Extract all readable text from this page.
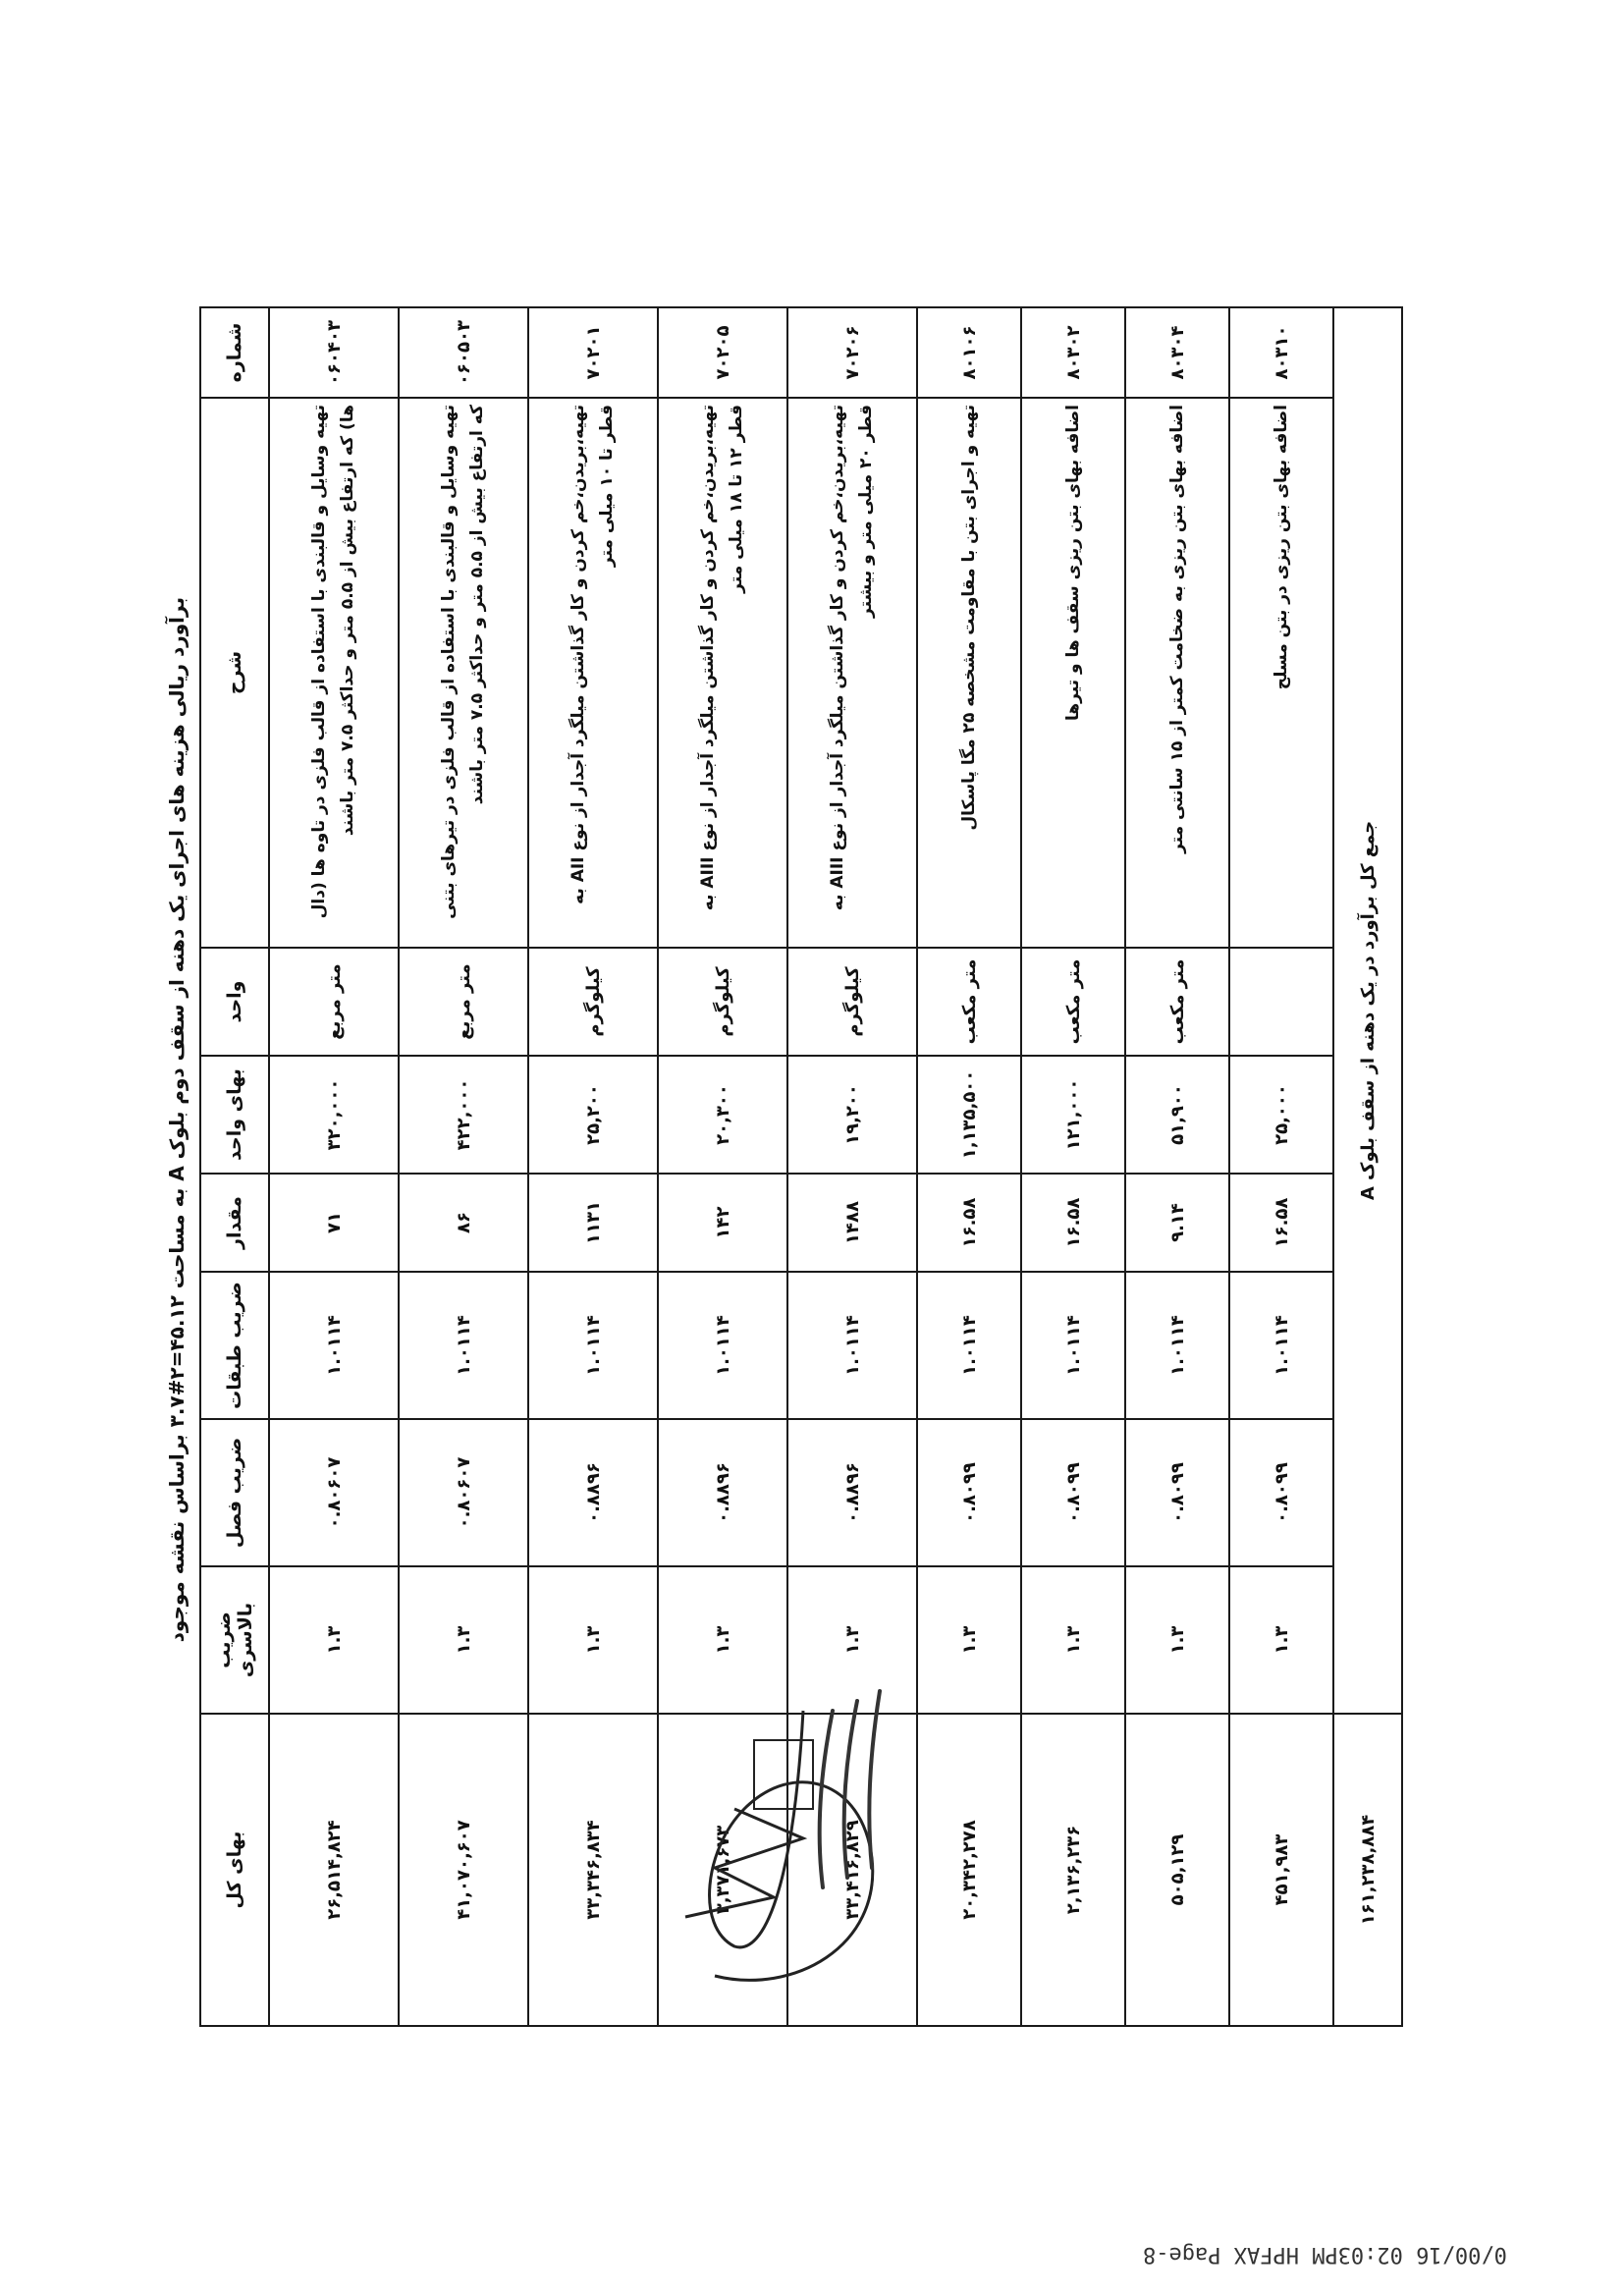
برآورد ریالی هزینه های اجرای یک دهنه از سقف دوم بلوک A به مساحت ۴۵.۱۲=۲#۳.۷ براساس نقشه موجود
شماره	شرح	واحد	بهای واحد	مقدار	ضریب طبقات	ضریب فصل	ضریب بالاسری	بهای کل
۰۶۰۴۰۳	تهیه وسایل و قالبندی با استفاده از قالب فلزی در تاوه ها (دال ها) که ارتفاع بیش از ۵.۵ متر و حداکثر ۷.۵ متر باشند	متر مربع	۳۲۰,۰۰۰	۷۱	۱.۰۱۱۴	۰.۸۰۶۰۷	۱.۳	۲۶,۵۱۴,۸۲۴
۰۶۰۵۰۳	تهیه وسایل و قالبندی با استفاده از قالب فلزی در تیرهای بتنی که ارتفاع بیش از ۵.۵ متر و حداکثر ۷.۵ متر باشند	متر مربع	۴۲۲,۰۰۰	۸۶	۱.۰۱۱۴	۰.۸۰۶۰۷	۱.۳	۴۱,۰۷۰,۶۰۷
۷۰۲۰۱	تهیه،بریدن،خم کردن و کار گذاشتن میلگرد آجدار از نوع AII به قطر تا ۱۰ میلی متر	کیلوگرم	۲۵,۲۰۰	۱۱۳۱	۱.۰۱۱۴	۰.۸۸۹۶	۱.۳	۳۳,۳۴۶,۸۳۴
۷۰۲۰۵	تهیه،بریدن،خم کردن و کار گذاشتن میلگرد آجدار از نوع AIII به قطر ۱۲ تا ۱۸ میلی متر	کیلوگرم	۲۰,۳۰۰	۱۴۲	۱.۰۱۱۴	۰.۸۸۹۶	۱.۳	۳,۳۷۱,۶۷۳
۷۰۲۰۶	تهیه،بریدن،خم کردن و کار گذاشتن میلگرد آجدار از نوع AIII به قطر ۲۰ میلی متر و بیشتر	کیلوگرم	۱۹,۲۰۰	۱۴۸۸	۱.۰۱۱۴	۰.۸۸۹۶	۱.۳	۳۳,۴۱۶,۸۲۹
۸۰۱۰۶	تهیه و اجرای بتن با مقاومت مشخصه ۲۵ مگا پاسکال	متر مکعب	۱,۱۳۵,۵۰۰	۱۶.۵۸	۱.۰۱۱۴	۰.۸۰۹۹	۱.۳	۲۰,۳۴۲,۲۷۸
۸۰۳۰۲	اضافه بهای بتن ریزی سقف ها و تیرها	متر مکعب	۱۲۱,۰۰۰	۱۶.۵۸	۱.۰۱۱۴	۰.۸۰۹۹	۱.۳	۲,۱۳۶,۲۳۶
۸۰۳۰۴	اضافه بهای بتن ریزی به ضخامت کمتر از ۱۵ سانتی متر	متر مکعب	۵۱,۹۰۰	۹.۱۴	۱.۰۱۱۴	۰.۸۰۹۹	۱.۳	۵۰۵,۱۲۹
۸۰۳۱۰	اضافه بهای بتن ریزی در بتن مسلح		۲۵,۰۰۰	۱۶.۵۸	۱.۰۱۱۴	۰.۸۰۹۹	۱.۳	۴۵۱,۹۸۳
جمع کل برآورد در یک دهنه از سقف بلوک A								۱۶۱,۲۳۸,۸۸۴
0/00/16 02:03PM HPFAX Page-8
